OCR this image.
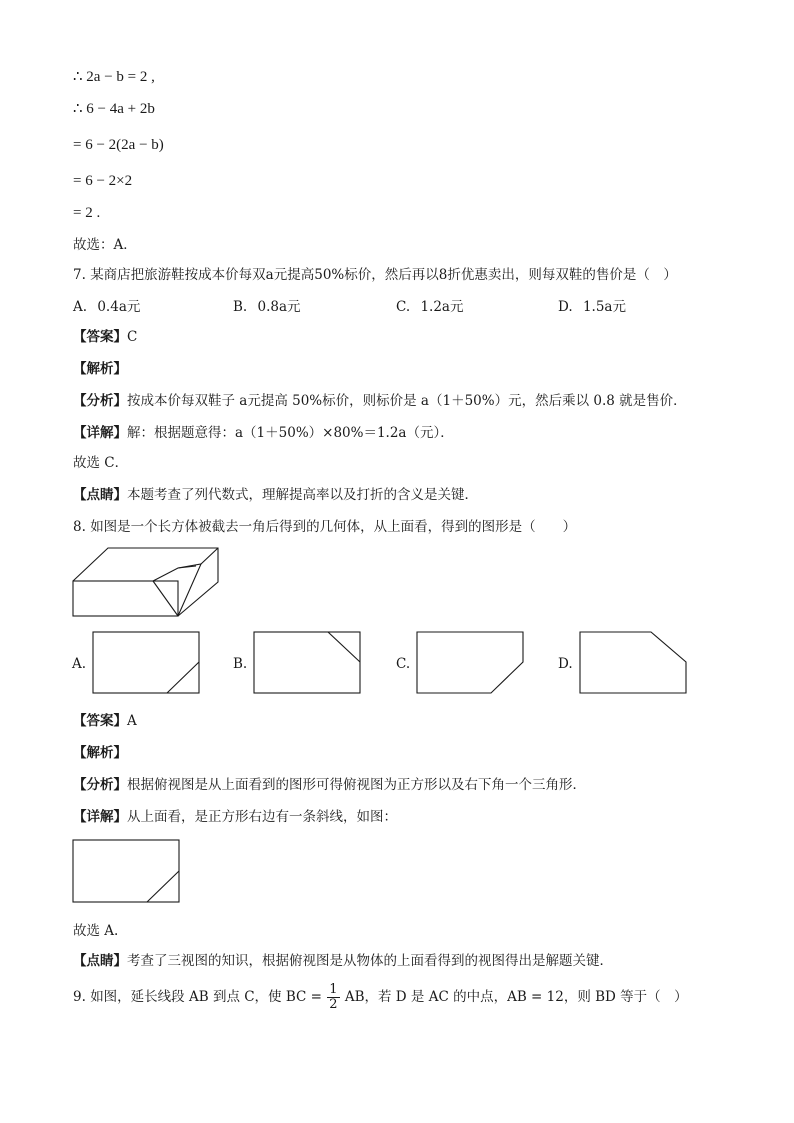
∴ 2a − b = 2 ,
∴ 6 − 4a + 2b
= 6 − 2(2a − b)
= 6 − 2×2
= 2 .
故选：A．
7. 某商店把旅游鞋按成本价每双a元提高50%标价，然后再以8折优惠卖出，则每双鞋的售价是（　）
A. 0.4a元	B. 0.8a元	C. 1.2a元	D. 1.5a元
【答案】C
【解析】
【分析】按成本价每双鞋子 a元提高 50%标价，则标价是 a（1＋50%）元，然后乘以 0.8 就是售价．
【详解】解：根据题意得：a（1＋50%）×80%＝1.2a（元）．
故选 C．
【点睛】本题考查了列代数式，理解提高率以及打折的含义是关键．
8. 如图是一个长方体被截去一角后得到的几何体，从上面看，得到的图形是（　　）
A.	B.	C.	D.
【答案】A
【解析】
【分析】根据俯视图是从上面看到的图形可得俯视图为正方形以及右下角一个三角形．
【详解】从上面看，是正方形右边有一条斜线，如图：
故选 A.
【点睛】考查了三视图的知识，根据俯视图是从物体的上面看得到的视图得出是解题关键．
9. 如图，延长线段 AB 到点 C，使 BC = $\frac{1}{2}$ AB，若 D 是 AC 的中点，AB = 12，则 BD 等于（　）
